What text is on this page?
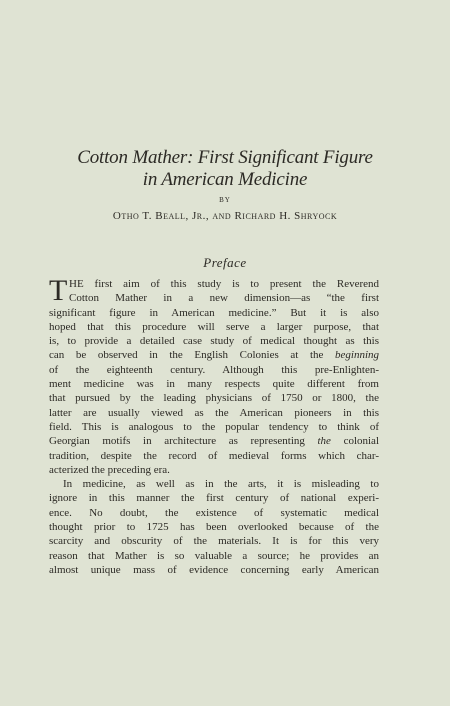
Cotton Mather: First Significant Figure
in American Medicine
BY
Otho T. Beall, Jr., and Richard H. Shryock
Preface
T HE first aim of this study is to present the Reverend
Cotton Mather in a new dimension—as “the first
significant figure in American medicine.” But it is also
hoped that this procedure will serve a larger purpose, that
is, to provide a detailed case study of medical thought as this
can be observed in the English Colonies at the beginning
of the eighteenth century. Although this pre-Enlighten-
ment medicine was in many respects quite different from
that pursued by the leading physicians of 1750 or 1800, the
latter are usually viewed as the American pioneers in this
field. This is analogous to the popular tendency to think of
Georgian motifs in architecture as representing the colonial
tradition, despite the record of medieval forms which char-
acterized the preceding era.
In medicine, as well as in the arts, it is misleading to
ignore in this manner the first century of national experi-
ence. No doubt, the existence of systematic medical
thought prior to 1725 has been overlooked because of the
scarcity and obscurity of the materials. It is for this very
reason that Mather is so valuable a source; he provides an
almost unique mass of evidence concerning early American
